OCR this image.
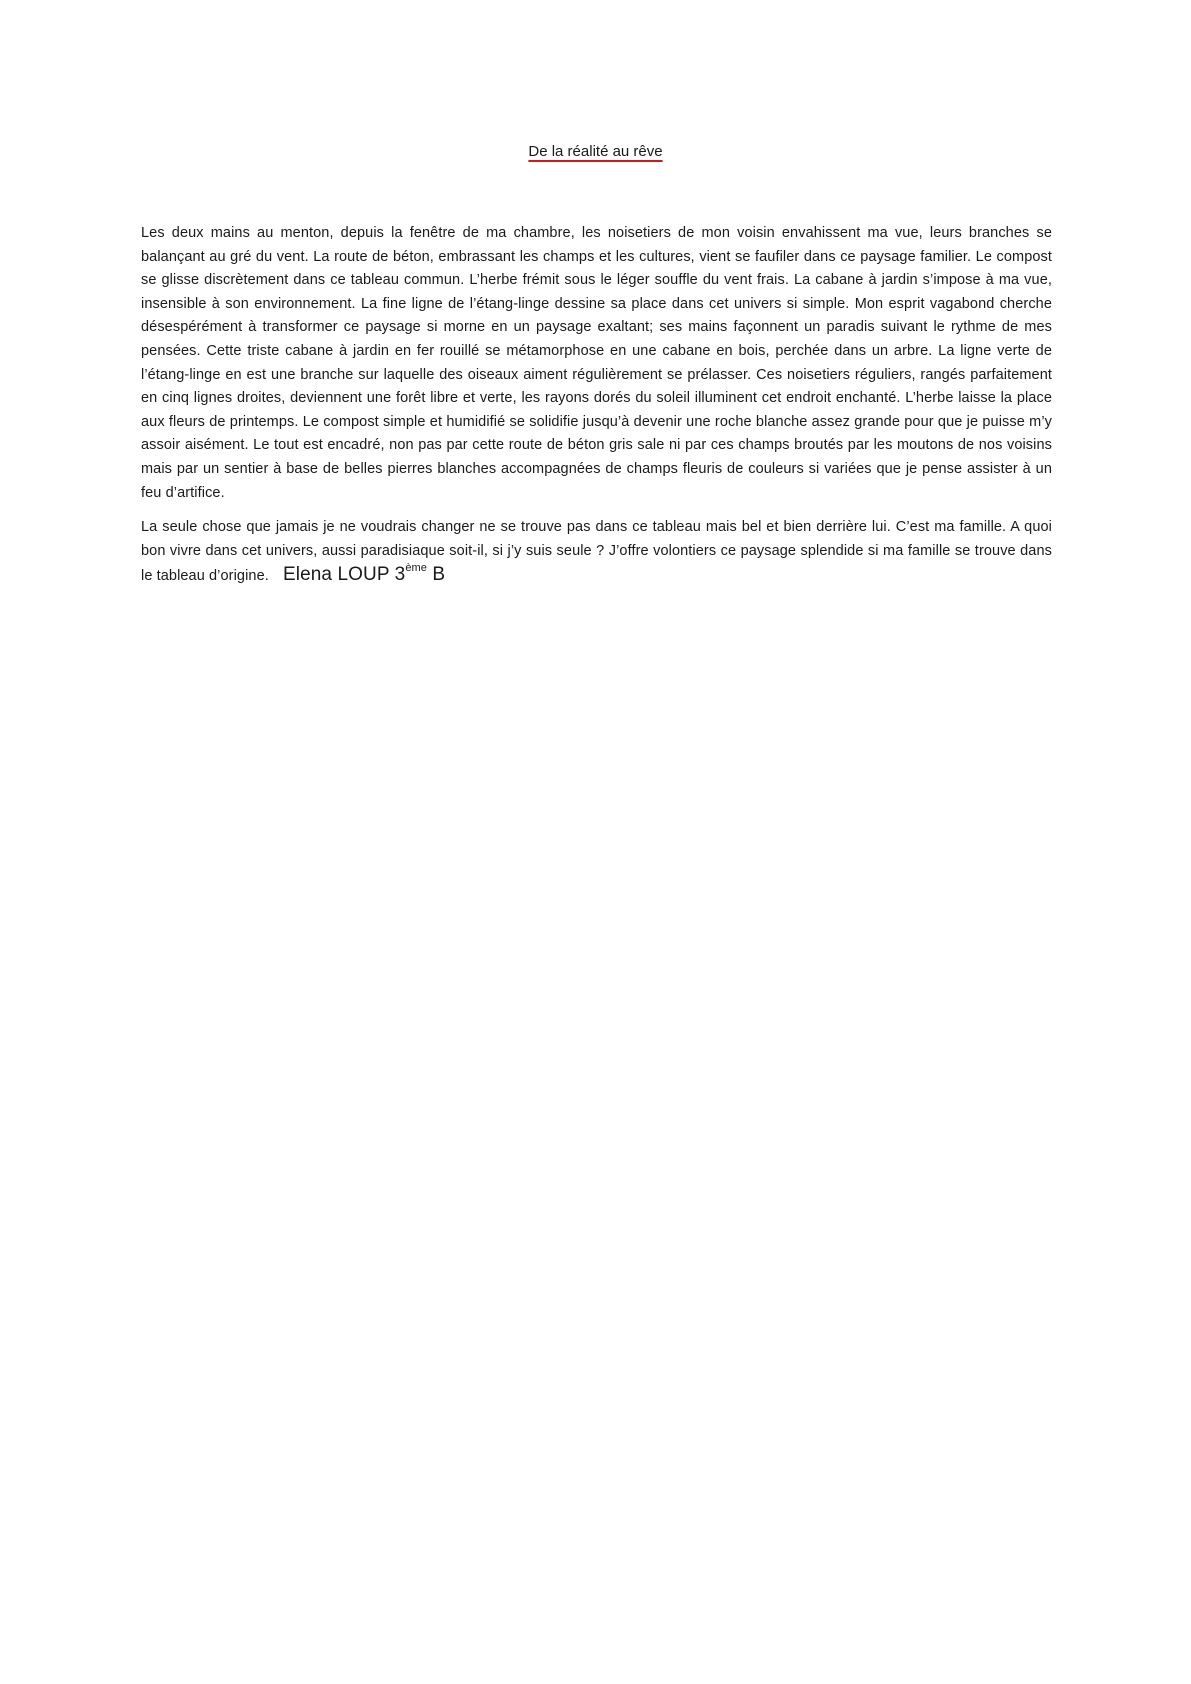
De la réalité au rêve

Les deux mains au menton, depuis la fenêtre de ma chambre, les noisetiers de mon voisin envahissent ma vue, leurs branches se balançant au gré du vent. La route de béton, embrassant les champs et les cultures, vient se faufiler dans ce paysage familier. Le compost se glisse discrètement dans ce tableau commun. L’herbe frémit sous le léger souffle du vent frais. La cabane à jardin s’impose à ma vue, insensible à son environnement. La fine ligne de l’étang-linge dessine sa place dans cet univers si simple. Mon esprit vagabond cherche désespérément à transformer ce paysage si morne en un paysage exaltant; ses mains façonnent un paradis suivant le rythme de mes pensées. Cette triste cabane à jardin en fer rouillé se métamorphose en une cabane en bois, perchée dans un arbre. La ligne verte de l’étang-linge en est une branche sur laquelle des oiseaux aiment régulièrement se prélasser. Ces noisetiers réguliers, rangés parfaitement en cinq lignes droites, deviennent une forêt libre et verte, les rayons dorés du soleil illuminent cet endroit enchanté. L’herbe laisse la place aux fleurs de printemps. Le compost simple et humidifié se solidifie jusqu’à devenir une roche blanche assez grande pour que je puisse m’y assoir aisément. Le tout est encadré, non pas par cette route de béton gris sale ni par ces champs broutés par les moutons de nos voisins mais par un sentier à base de belles pierres blanches accompagnées de champs fleuris de couleurs si variées que je pense assister à un feu d’artifice.

La seule chose que jamais je ne voudrais changer ne se trouve pas dans ce tableau mais bel et bien derrière lui. C’est ma famille. A quoi bon vivre dans cet univers, aussi paradisiaque soit-il, si j’y suis seule ? J’offre volontiers ce paysage splendide si ma famille se trouve dans le tableau d’origine. Elena LOUP 3ème B
